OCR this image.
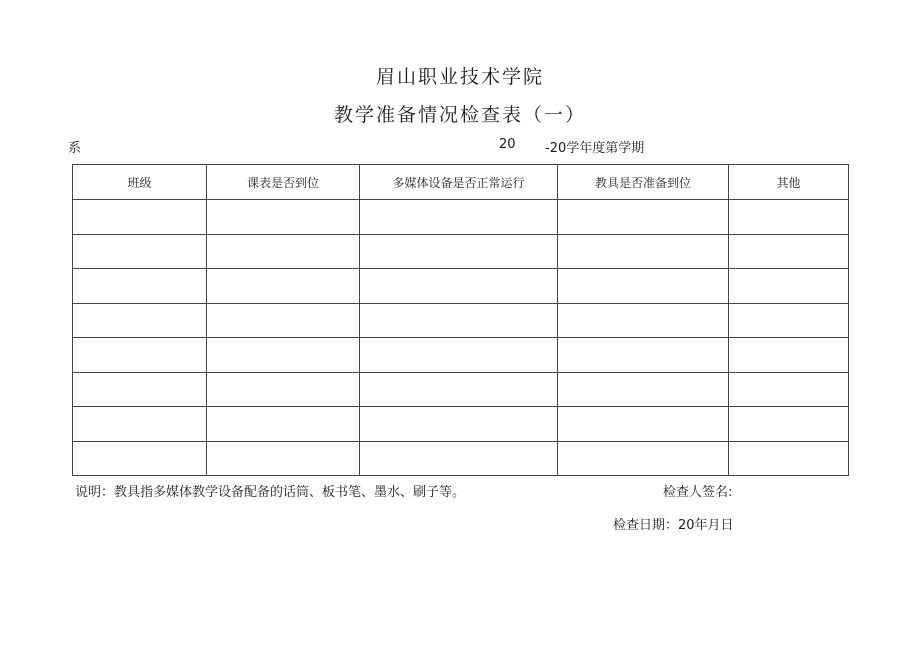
眉山职业技术学院
教学准备情况检查表（一）
系	20 -20学年度第学期
班级	课表是否到位	多媒体设备是否正常运行	教具是否准备到位	其他

说明：教具指多媒体教学设备配备的话筒、板书笔、墨水、刷子等。	检查人签名:
检查日期：20年月日
